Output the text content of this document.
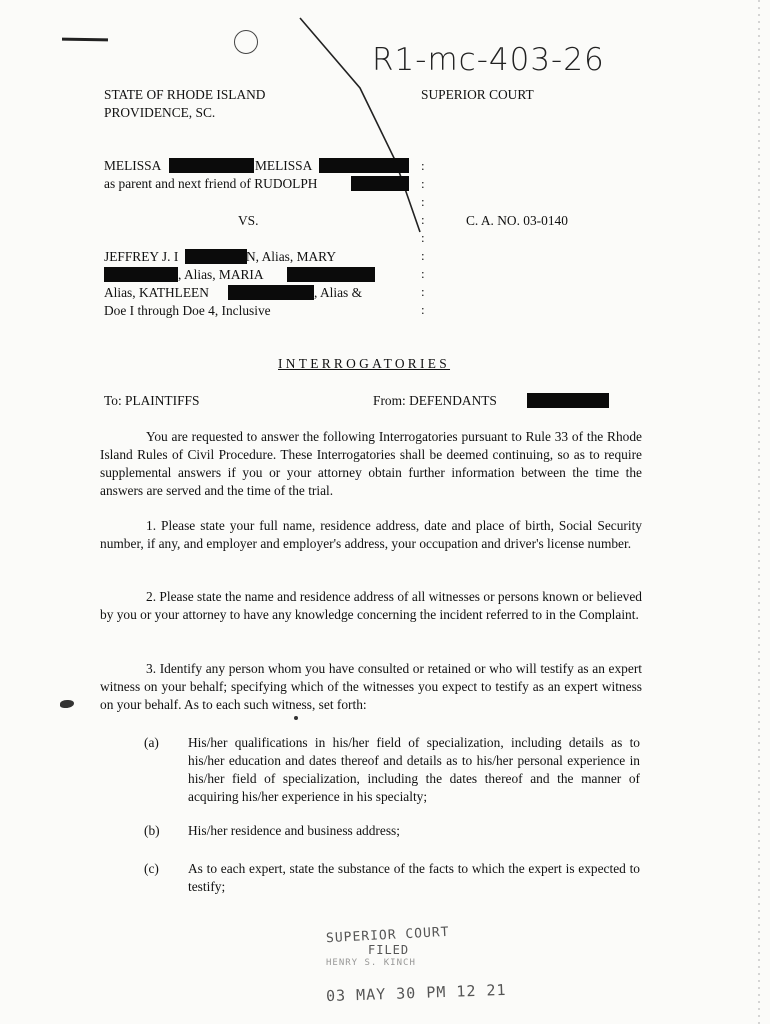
R1-mc-403-26
STATE OF RHODE ISLAND
PROVIDENCE, SC.
SUPERIOR COURT
MELISSA	MELISSA
as parent and next friend of RUDOLPH
VS.	C. A. NO. 03-0140
JEFFREY J. I	N, Alias, MARY
, Alias, MARIA
Alias, KATHLEEN	, Alias &
Doe I through Doe 4, Inclusive
:
:
:
:
:
:
:
:
:
INTERROGATORIES
To: PLAINTIFFS	From: DEFENDANTS
You are requested to answer the following Interrogatories pursuant to Rule 33 of the Rhode Island Rules of Civil Procedure. These Interrogatories shall be deemed continuing, so as to require supplemental answers if you or your attorney obtain further information between the time the answers are served and the time of the trial.
1. Please state your full name, residence address, date and place of birth, Social Security number, if any, and employer and employer's address, your occupation and driver's license number.
2. Please state the name and residence address of all witnesses or persons known or believed by you or your attorney to have any knowledge concerning the incident referred to in the Complaint.
3. Identify any person whom you have consulted or retained or who will testify as an expert witness on your behalf; specifying which of the witnesses you expect to testify as an expert witness on your behalf. As to each such witness, set forth:
(a) His/her qualifications in his/her field of specialization, including details as to his/her education and dates thereof and details as to his/her personal experience in his/her field of specialization, including the dates thereof and the manner of acquiring his/her experience in his specialty;
(b) His/her residence and business address;
(c) As to each expert, state the substance of the facts to which the expert is expected to testify;
SUPERIOR COURT
FILED
HENRY S. KINCH
03 MAY 30 PM 12 21
